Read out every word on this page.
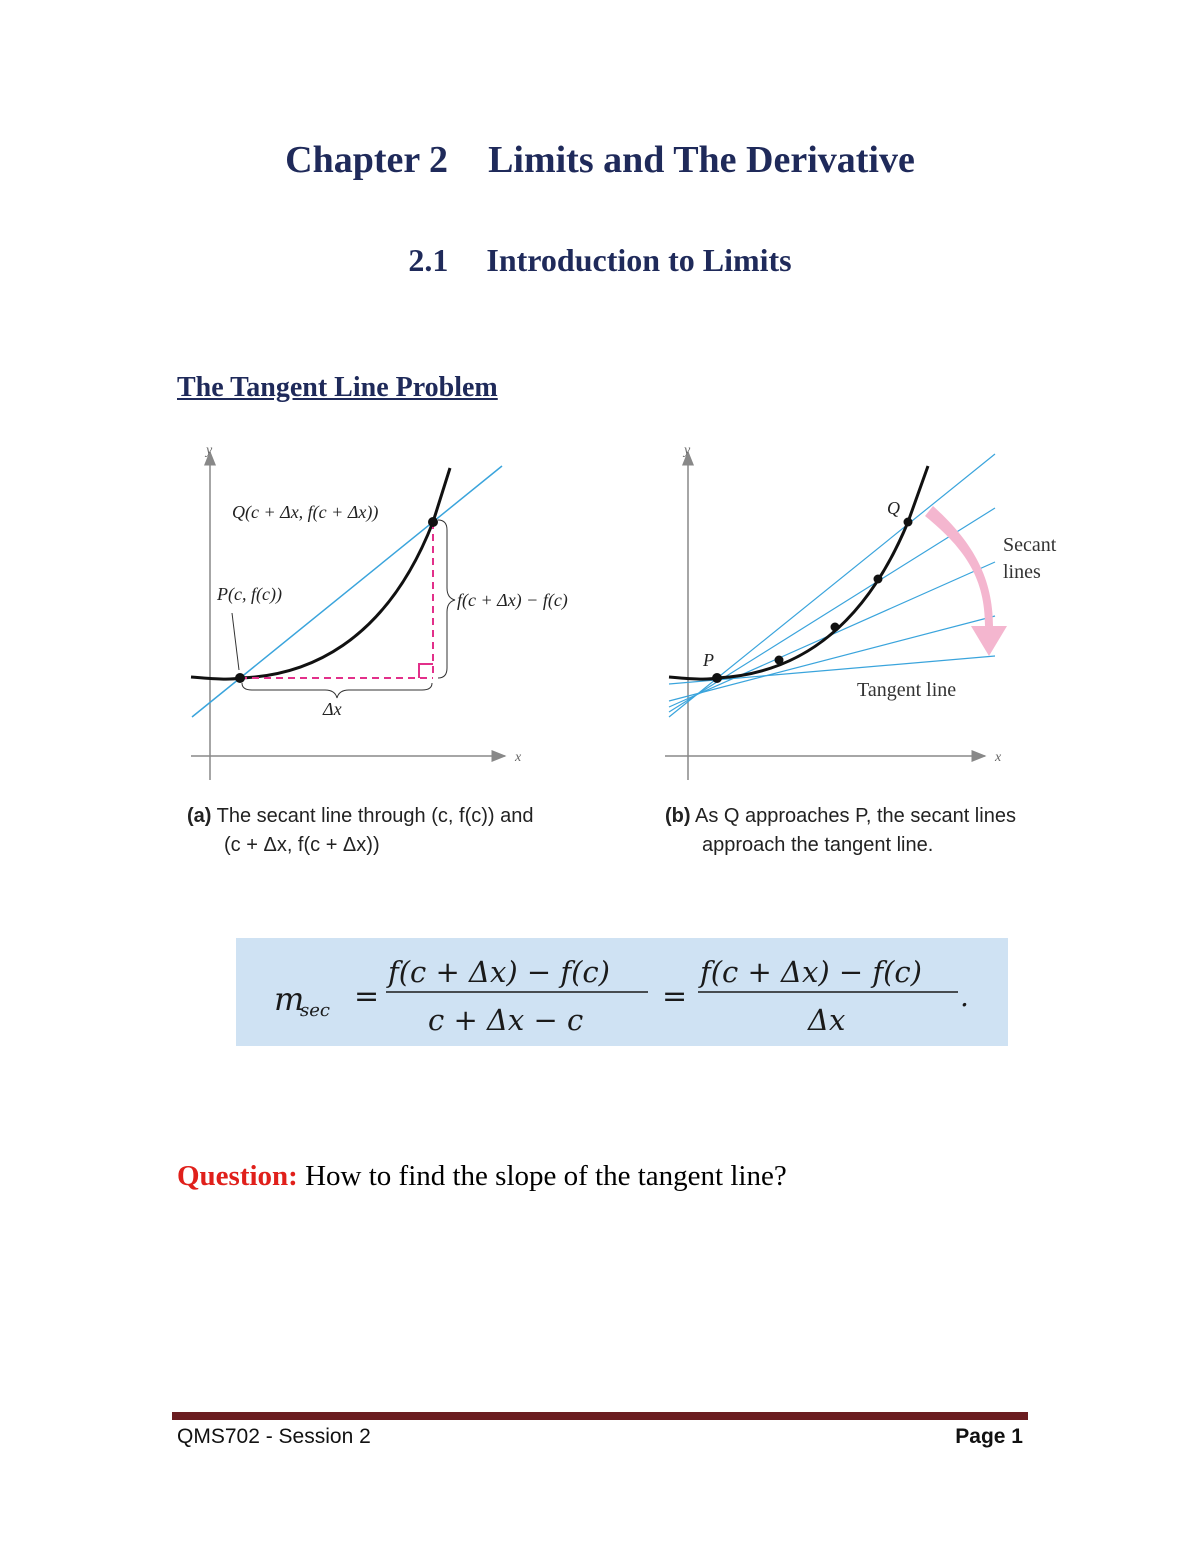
Chapter 2 Limits and The Derivative
2.1 Introduction to Limits
The Tangent Line Problem
y
x
Q(c + Δx, f(c + Δx))
P(c, f(c))	f(c + Δx) − f(c)
Δx
(a) The secant line through (c, f(c)) and
(c + Δx, f(c + Δx))
y
x
Q
P
Secant
lines
Tangent line
(b) As Q approaches P, the secant lines
approach the tangent line.
m
sec =
f(c + Δx) − f(c)
c + Δx − c
=
f(c + Δx) − f(c)
Δx
.

Question: How to find the slope of the tangent line?

QMS702 - Session 2	Page 1
